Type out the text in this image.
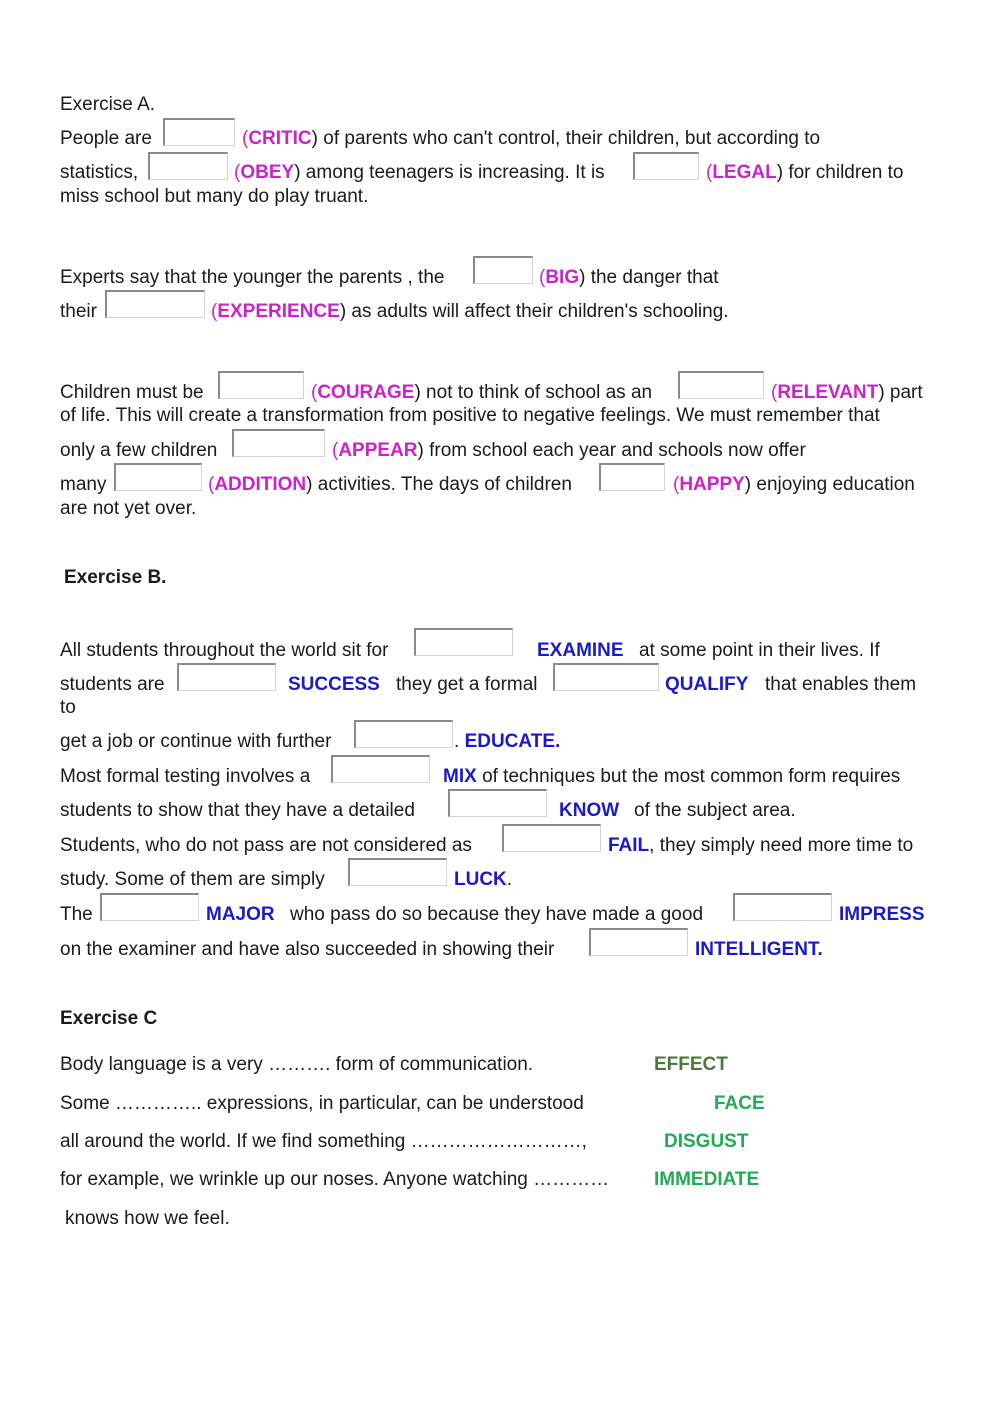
Exercise A.
People are	(CRITIC) of parents who can't control, their children, but according to
statistics,	(OBEY) among teenagers is increasing. It is	(LEGAL) for children to
miss school but many do play truant.
Experts say that the younger the parents , the	(BIG) the danger that
their	(EXPERIENCE) as adults will affect their children's schooling.
Children must be	(COURAGE) not to think of school as an	(RELEVANT) part
of life. This will create a transformation from positive to negative feelings. We must remember that
only a few children	(APPEAR) from school each year and schools now offer
many	(ADDITION) activities. The days of children	(HAPPY) enjoying education
are not yet over.
Exercise B.
All students throughout the world sit for	EXAMINE at some point in their lives. If
students are	SUCCESS they get a formal	QUALIFY that enables them
to
get a job or continue with further	. EDUCATE.
Most formal testing involves a	MIX of techniques but the most common form requires
students to show that they have a detailed	KNOW of the subject area.
Students, who do not pass are not considered as	FAIL, they simply need more time to
study. Some of them are simply	LUCK.
The	MAJOR who pass do so because they have made a good	IMPRESS
on the examiner and have also succeeded in showing their	INTELLIGENT.
Exercise C
Body language is a very ………. form of communication.	EFFECT
Some ………….. expressions, in particular, can be understood	FACE
all around the world. If we find something ………………………,	DISGUST
for example, we wrinkle up our noses. Anyone watching ………… IMMEDIATE
knows how we feel.
